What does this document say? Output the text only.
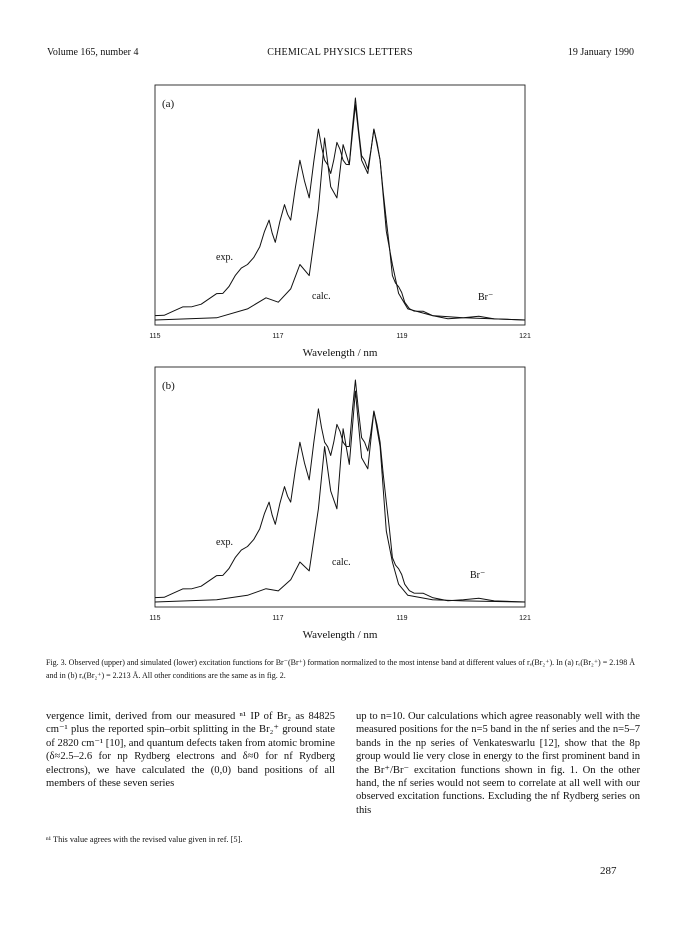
Volume 165, number 4	CHEMICAL PHYSICS LETTERS	19 January 1990
(a)
exp.
calc.	Br⁻
115	117	119	121
Wavelength / nm
(b)
exp.
calc.
Br⁻
115	117	119	121
Wavelength / nm
Fig. 3. Observed (upper) and simulated (lower) excitation functions for Br⁻(Br⁺) formation normalized to the most intense band at different values of rₑ(Br₂⁺). In (a) rₑ(Br₂⁺) = 2.198 Å and in (b) rₑ(Br₂⁺) = 2.213 Å. All other conditions are the same as in fig. 2.

vergence limit, derived from our measured ⁿ¹ IP of Br₂ as 84825 cm⁻¹ plus the reported spin–orbit splitting in the Br₂⁺ ground state of 2820 cm⁻¹ [10], and quantum defects taken from atomic bromine (δ≈2.5–2.6 for np Rydberg electrons and δ≈0 for nf Rydberg electrons), we have calculated the (0,0) band positions of all members of these seven series

ⁿ¹ This value agrees with the revised value given in ref. [5].

up to n=10. Our calculations which agree reasonably well with the measured positions for the n=5 band in the nf series and the n=5–7 bands in the np series of Venkateswarlu [12], show that the 8p group would lie very close in energy to the first prominent band in the Br⁺/Br⁻ excitation functions shown in fig. 1. On the other hand, the nf series would not seem to correlate at all well with our observed excitation functions. Excluding the nf Rydberg series on this

287
